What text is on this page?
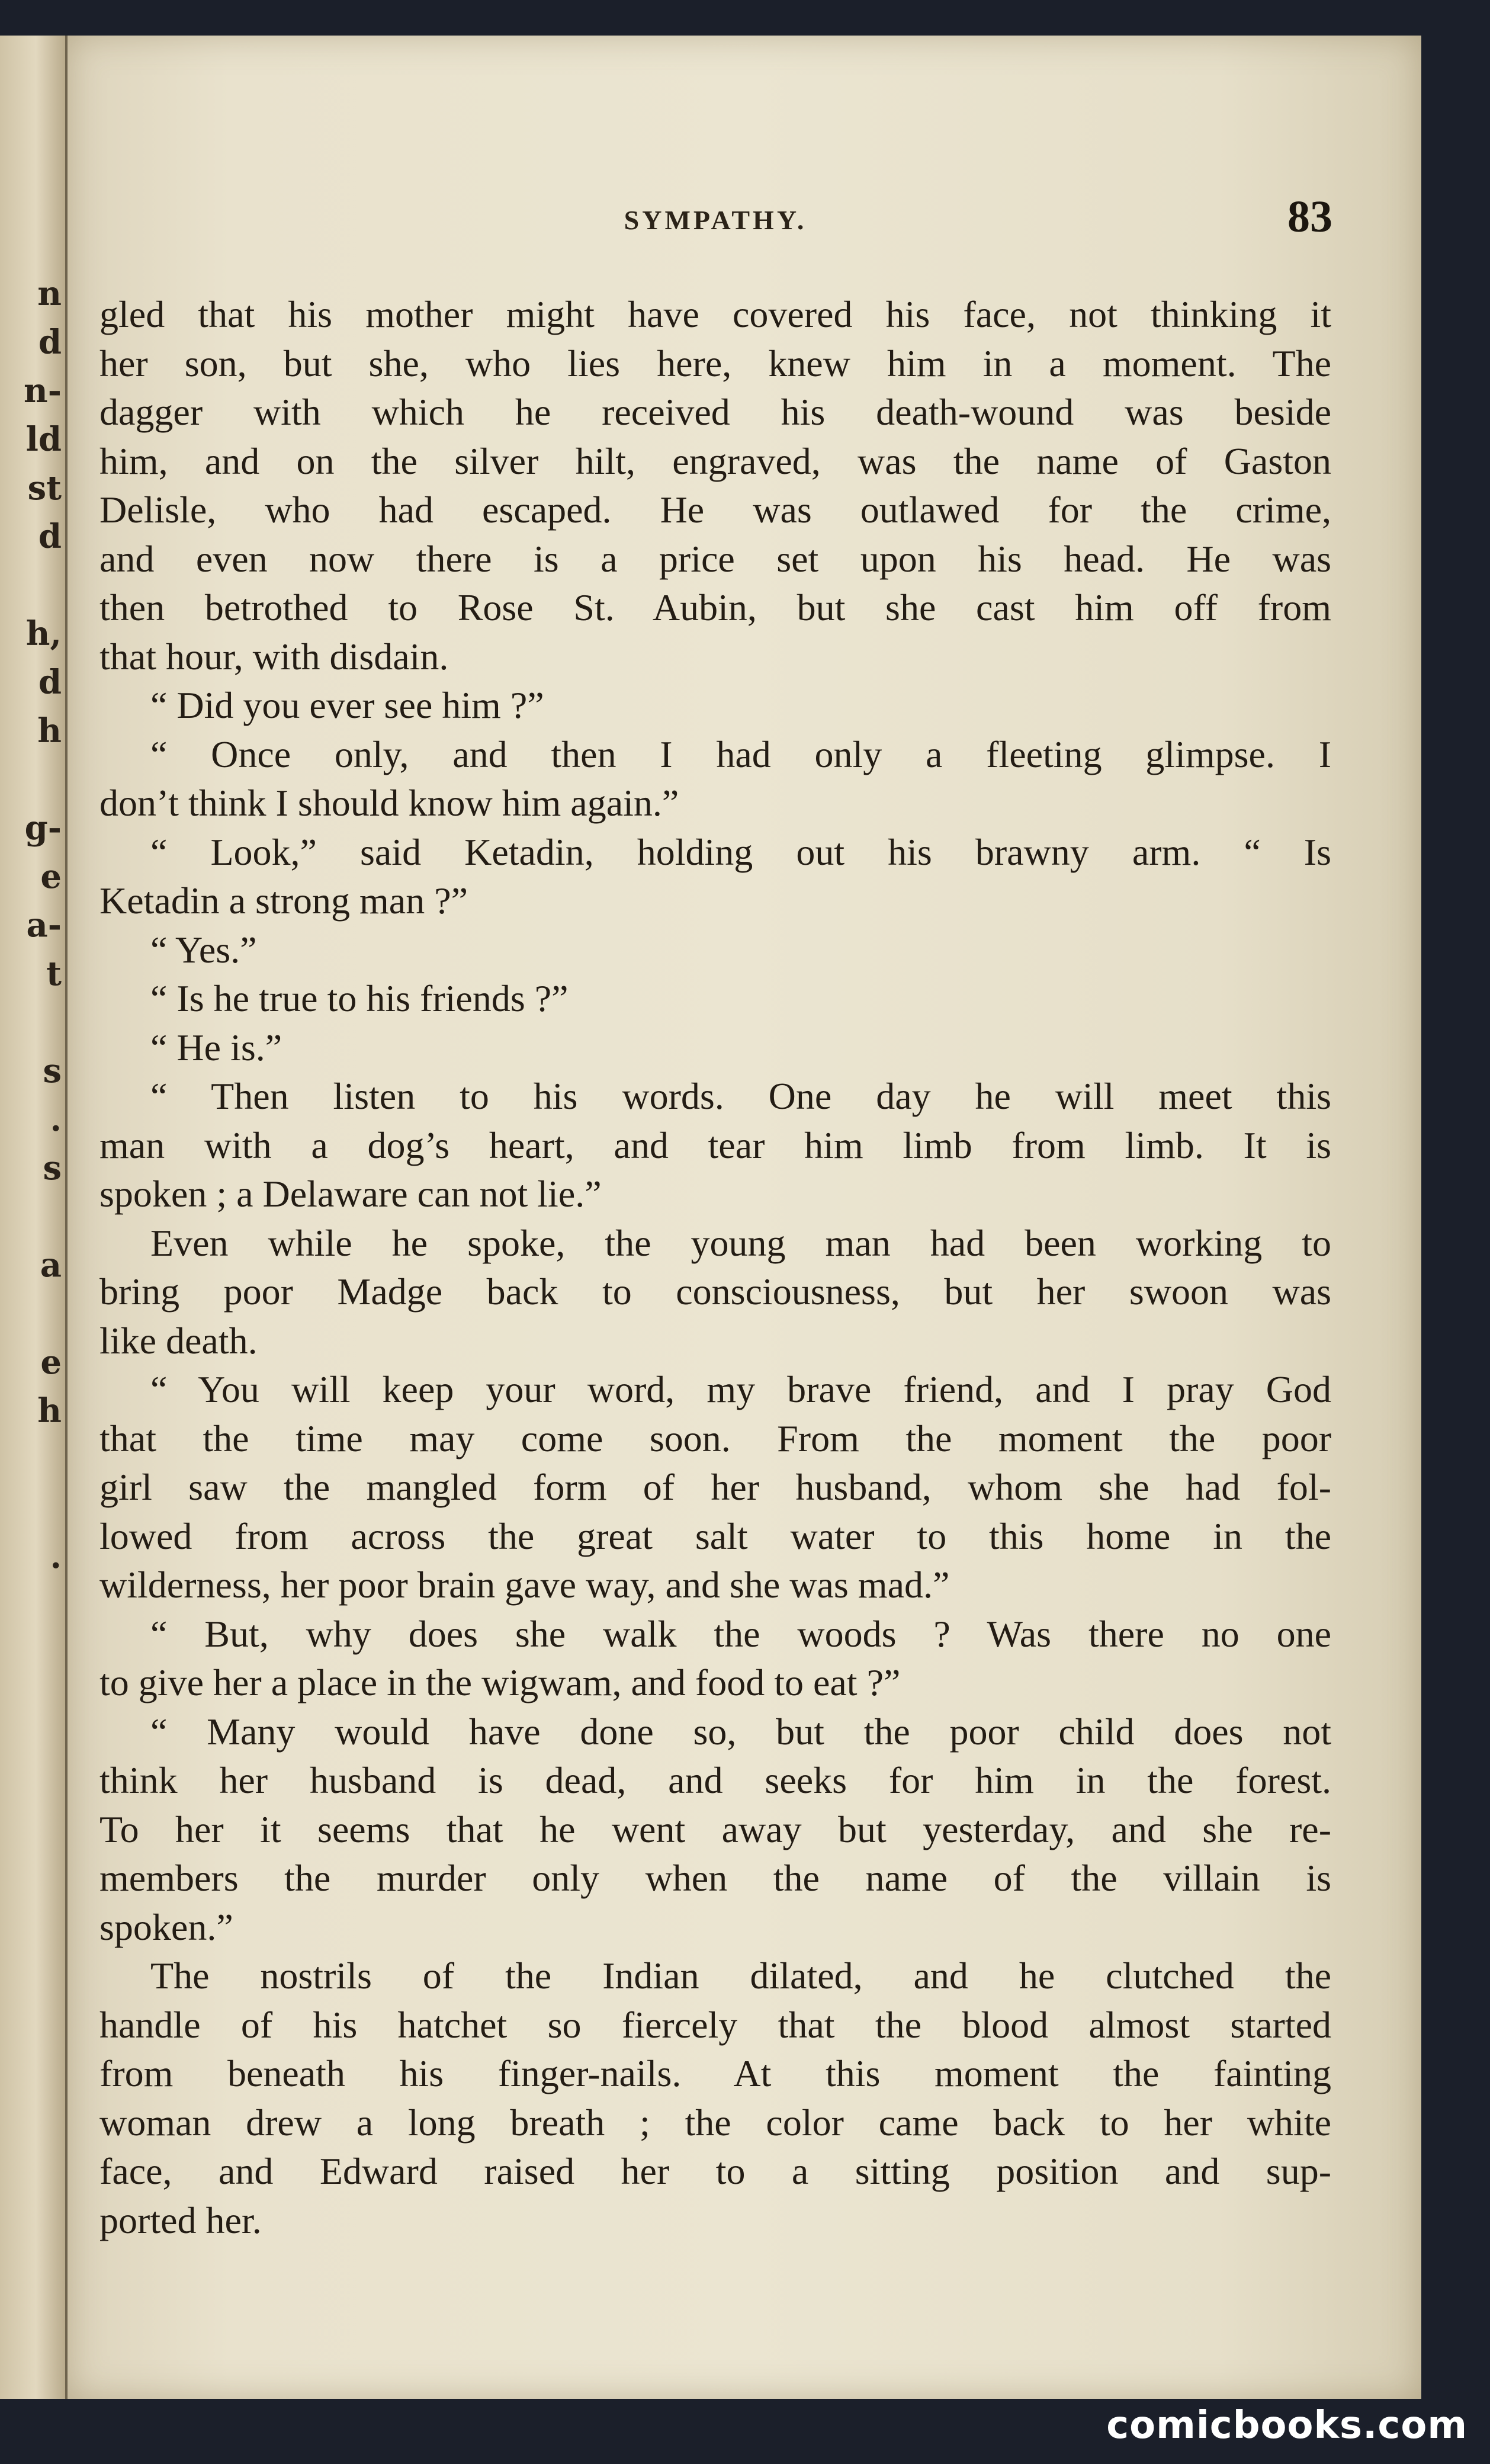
n
d
n-
ld
st
d
h,
d
h
g-
e
a-
t
s
.
s
a
e
h
.
SYMPATHY.	83
gled that his mother might have covered his face, not thinking it
her son, but she, who lies here, knew him in a moment. The
dagger with which he received his death-wound was beside
him, and on the silver hilt, engraved, was the name of Gaston
Delisle, who had escaped. He was outlawed for the crime,
and even now there is a price set upon his head. He was
then betrothed to Rose St. Aubin, but she cast him off from
that hour, with disdain.
“ Did you ever see him ?”
“ Once only, and then I had only a fleeting glimpse. I
don’t think I should know him again.”
“ Look,” said Ketadin, holding out his brawny arm. “ Is
Ketadin a strong man ?”
“ Yes.”
“ Is he true to his friends ?”
“ He is.”
“ Then listen to his words. One day he will meet this
man with a dog’s heart, and tear him limb from limb. It is
spoken ; a Delaware can not lie.”
Even while he spoke, the young man had been working to
bring poor Madge back to consciousness, but her swoon was
like death.
“ You will keep your word, my brave friend, and I pray God
that the time may come soon. From the moment the poor
girl saw the mangled form of her husband, whom she had fol-
lowed from across the great salt water to this home in the
wilderness, her poor brain gave way, and she was mad.”
“ But, why does she walk the woods ? Was there no one
to give her a place in the wigwam, and food to eat ?”
“ Many would have done so, but the poor child does not
think her husband is dead, and seeks for him in the forest.
To her it seems that he went away but yesterday, and she re-
members the murder only when the name of the villain is
spoken.”
The nostrils of the Indian dilated, and he clutched the
handle of his hatchet so fiercely that the blood almost started
from beneath his finger-nails. At this moment the fainting
woman drew a long breath ; the color came back to her white
face, and Edward raised her to a sitting position and sup-
ported her.
comicbooks.com
